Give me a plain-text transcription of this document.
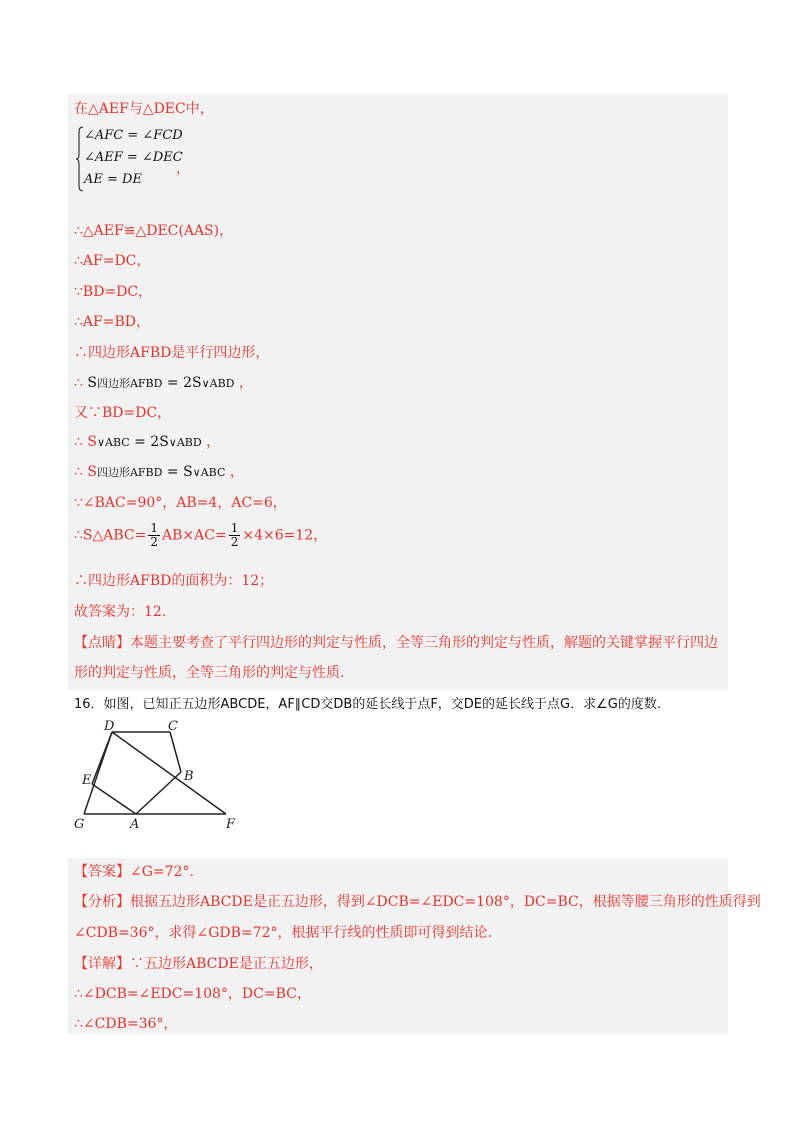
在△AEF与△DEC中，
∠AFC = ∠FCD
∠AEF = ∠DEC
AE = DE
，
∴△AEF≌△DEC(AAS)，
∴AF=DC，
∵BD=DC，
∴AF=BD，
∴四边形AFBD是平行四边形，
∴ S四边形AFBD = 2S∨ABD ，
又∵BD=DC，
∴ S∨ABC = 2S∨ABD ，
∴ S四边形AFBD = S∨ABC ，
∵∠BAC=90°，AB=4，AC=6，
∴S△ABC= $\frac{1}{2} AB\times AC= \frac{1}{2} \times 4\times 6=12$，
∴四边形AFBD的面积为：12；
故答案为：12.
【点睛】本题主要考查了平行四边形的判定与性质，全等三角形的判定与性质，解题的关键掌握平行四边
形的判定与性质，全等三角形的判定与性质.
16．如图，已知正五边形ABCDE，AF∥CD交DB的延长线于点F，交DE的延长线于点G．求∠G的度数.
D	C
E	B
G	A	F
【答案】∠G=72°.
【分析】根据五边形ABCDE是正五边形，得到∠DCB=∠EDC=108°，DC=BC，根据等腰三角形的性质得到
∠CDB=36°，求得∠GDB=72°，根据平行线的性质即可得到结论.
【详解】∵五边形ABCDE是正五边形，
∴∠DCB=∠EDC=108°，DC=BC，
∴∠CDB=36°，
